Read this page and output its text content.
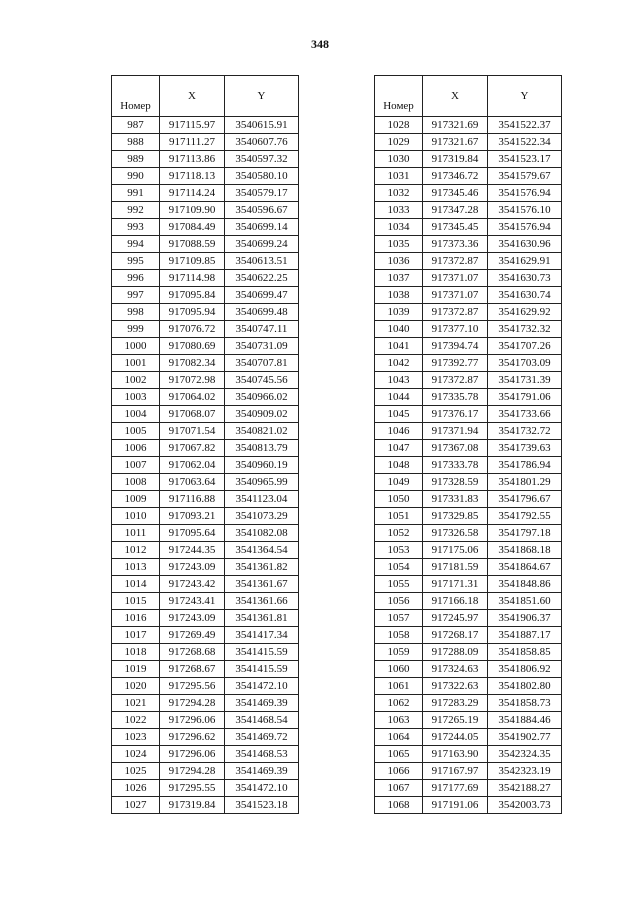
348
Номер	X	Y
987	917115.97	3540615.91
988	917111.27	3540607.76
989	917113.86	3540597.32
990	917118.13	3540580.10
991	917114.24	3540579.17
992	917109.90	3540596.67
993	917084.49	3540699.14
994	917088.59	3540699.24
995	917109.85	3540613.51
996	917114.98	3540622.25
997	917095.84	3540699.47
998	917095.94	3540699.48
999	917076.72	3540747.11
1000	917080.69	3540731.09
1001	917082.34	3540707.81
1002	917072.98	3540745.56
1003	917064.02	3540966.02
1004	917068.07	3540909.02
1005	917071.54	3540821.02
1006	917067.82	3540813.79
1007	917062.04	3540960.19
1008	917063.64	3540965.99
1009	917116.88	3541123.04
1010	917093.21	3541073.29
1011	917095.64	3541082.08
1012	917244.35	3541364.54
1013	917243.09	3541361.82
1014	917243.42	3541361.67
1015	917243.41	3541361.66
1016	917243.09	3541361.81
1017	917269.49	3541417.34
1018	917268.68	3541415.59
1019	917268.67	3541415.59
1020	917295.56	3541472.10
1021	917294.28	3541469.39
1022	917296.06	3541468.54
1023	917296.62	3541469.72
1024	917296.06	3541468.53
1025	917294.28	3541469.39
1026	917295.55	3541472.10
1027	917319.84	3541523.18
Номер	X	Y
1028	917321.69	3541522.37
1029	917321.67	3541522.34
1030	917319.84	3541523.17
1031	917346.72	3541579.67
1032	917345.46	3541576.94
1033	917347.28	3541576.10
1034	917345.45	3541576.94
1035	917373.36	3541630.96
1036	917372.87	3541629.91
1037	917371.07	3541630.73
1038	917371.07	3541630.74
1039	917372.87	3541629.92
1040	917377.10	3541732.32
1041	917394.74	3541707.26
1042	917392.77	3541703.09
1043	917372.87	3541731.39
1044	917335.78	3541791.06
1045	917376.17	3541733.66
1046	917371.94	3541732.72
1047	917367.08	3541739.63
1048	917333.78	3541786.94
1049	917328.59	3541801.29
1050	917331.83	3541796.67
1051	917329.85	3541792.55
1052	917326.58	3541797.18
1053	917175.06	3541868.18
1054	917181.59	3541864.67
1055	917171.31	3541848.86
1056	917166.18	3541851.60
1057	917245.97	3541906.37
1058	917268.17	3541887.17
1059	917288.09	3541858.85
1060	917324.63	3541806.92
1061	917322.63	3541802.80
1062	917283.29	3541858.73
1063	917265.19	3541884.46
1064	917244.05	3541902.77
1065	917163.90	3542324.35
1066	917167.97	3542323.19
1067	917177.69	3542188.27
1068	917191.06	3542003.73
